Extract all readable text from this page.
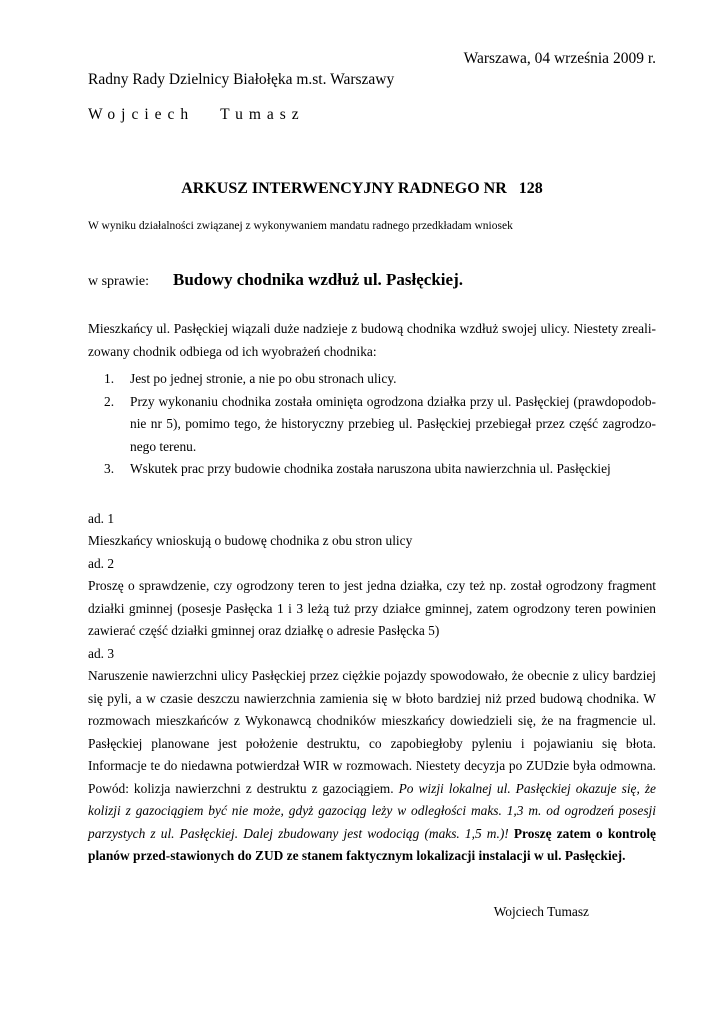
Warszawa, 04 września 2009 r.
Radny Rady Dzielnicy Białołęka m.st. Warszawy
Wojciech Tumasz
ARKUSZ INTERWENCYJNY RADNEGO NR   128
W wyniku działalności związanej z wykonywaniem mandatu radnego przedkładam wniosek
w sprawie: Budowy chodnika wzdłuż ul. Pasłęckiej.
Mieszkańcy ul. Pasłęckiej wiązali duże nadzieje z budową chodnika wzdłuż swojej ulicy. Niestety zreali-zowany chodnik odbiega od ich wyobrażeń chodnika:
1. Jest po jednej stronie, a nie po obu stronach ulicy.
2. Przy wykonaniu chodnika została ominięta ogrodzona działka przy ul. Pasłęckiej (prawdopodob-nie nr 5), pomimo tego, że historyczny przebieg ul. Pasłęckiej przebiegał przez część zagrodzo-nego terenu.
3. Wskutek prac przy budowie chodnika została naruszona ubita nawierzchnia ul. Pasłęckiej
ad. 1
Mieszkańcy wnioskują o budowę chodnika z obu stron ulicy
ad. 2
Proszę o sprawdzenie, czy ogrodzony teren to jest jedna działka, czy też np. został ogrodzony fragment działki gminnej (posesje Pasłęcka 1 i 3 leżą tuż przy działce gminnej, zatem ogrodzony teren powinien zawierać część działki gminnej oraz działkę o adresie Pasłęcka 5)
ad. 3
Naruszenie nawierzchni ulicy Pasłęckiej przez ciężkie pojazdy spowodowało, że obecnie z ulicy bardziej się pyli, a w czasie deszczu nawierzchnia zamienia się w błoto bardziej niż przed budową chodnika. W rozmowach mieszkańców z Wykonawcą chodników mieszkańcy dowiedzieli się, że na fragmencie ul. Pasłęckiej planowane jest położenie destruktu, co zapobiegłoby pyleniu i pojawianiu się błota. Informacje te do niedawna potwierdzał WIR w rozmowach. Niestety decyzja po ZUDzie była odmowna. Powód: kolizja nawierzchni z destruktu z gazociągiem. Po wizji lokalnej ul. Pasłęckiej okazuje się, że kolizji z gazociągiem być nie może, gdyż gazociąg leży w odległości maks. 1,3 m. od ogrodzeń posesji parzystych z ul. Pasłęckiej. Dalej zbudowany jest wodociąg (maks. 1,5 m.)! Proszę zatem o kontrolę planów przed-stawionych do ZUD ze stanem faktycznym lokalizacji instalacji w ul. Pasłęckiej.
Wojciech Tumasz
